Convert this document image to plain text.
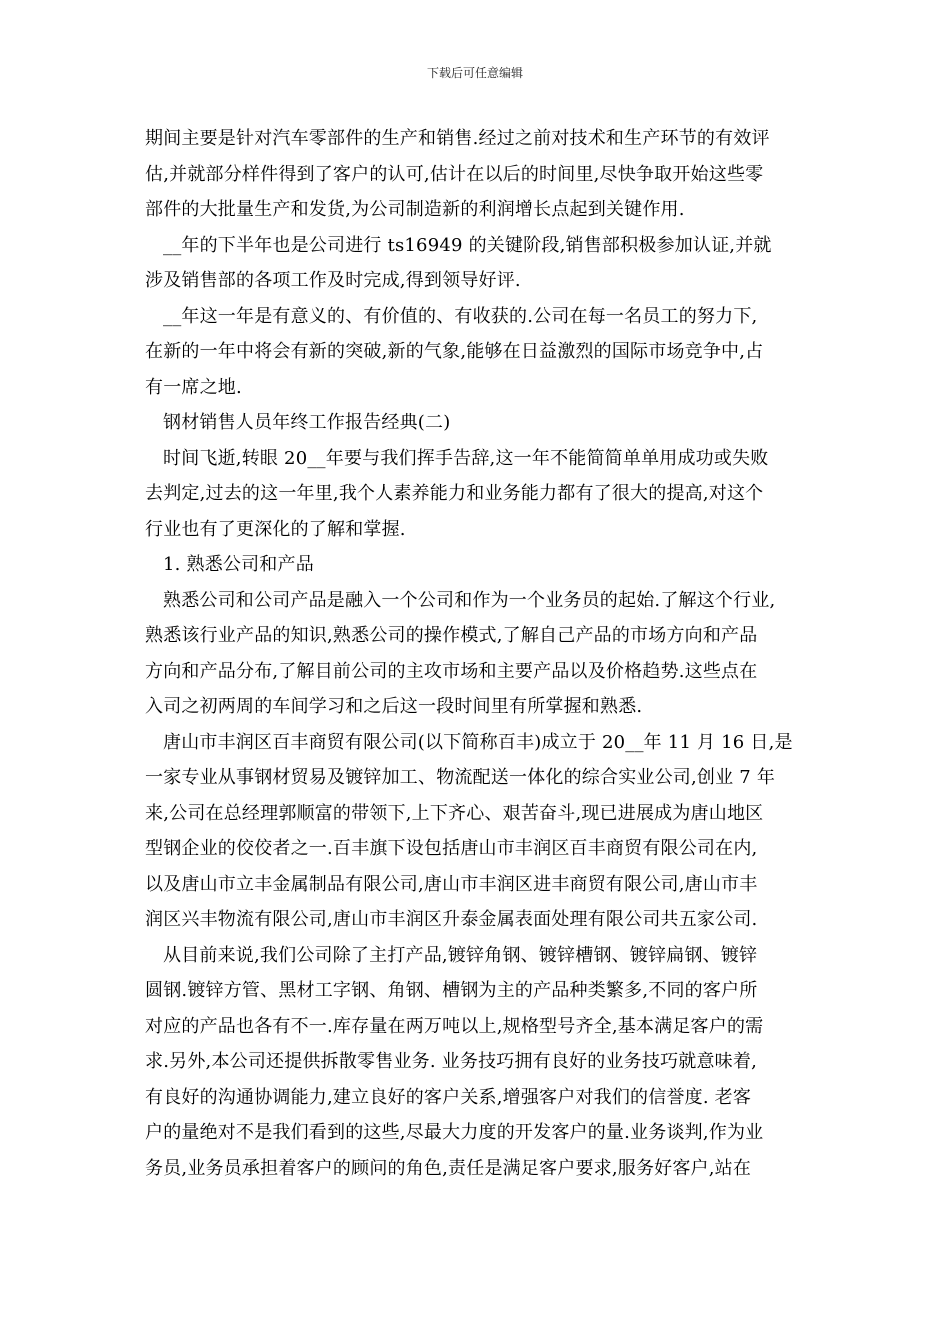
下载后可任意编辑
期间主要是针对汽车零部件的生产和销售.经过之前对技术和生产环节的有效评
估,并就部分样件得到了客户的认可,估计在以后的时间里,尽快争取开始这些零
部件的大批量生产和发货,为公司制造新的利润增长点起到关键作用.
__年的下半年也是公司进行 ts16949 的关键阶段,销售部积极参加认证,并就
涉及销售部的各项工作及时完成,得到领导好评.
__年这一年是有意义的、有价值的、有收获的.公司在每一名员工的努力下,
在新的一年中将会有新的突破,新的气象,能够在日益激烈的国际市场竞争中,占
有一席之地.
钢材销售人员年终工作报告经典(二)
时间飞逝,转眼 20__年要与我们挥手告辞,这一年不能简简单单用成功或失败
去判定,过去的这一年里,我个人素养能力和业务能力都有了很大的提高,对这个
行业也有了更深化的了解和掌握.
1. 熟悉公司和产品
熟悉公司和公司产品是融入一个公司和作为一个业务员的起始.了解这个行业,
熟悉该行业产品的知识,熟悉公司的操作模式,了解自己产品的市场方向和产品
方向和产品分布,了解目前公司的主攻市场和主要产品以及价格趋势.这些点在
入司之初两周的车间学习和之后这一段时间里有所掌握和熟悉.
唐山市丰润区百丰商贸有限公司(以下简称百丰)成立于 20__年 11 月 16 日,是
一家专业从事钢材贸易及镀锌加工、物流配送一体化的综合实业公司,创业 7 年
来,公司在总经理郭顺富的带领下,上下齐心、艰苦奋斗,现已进展成为唐山地区
型钢企业的佼佼者之一.百丰旗下设包括唐山市丰润区百丰商贸有限公司在内,
以及唐山市立丰金属制品有限公司,唐山市丰润区进丰商贸有限公司,唐山市丰
润区兴丰物流有限公司,唐山市丰润区升泰金属表面处理有限公司共五家公司.
从目前来说,我们公司除了主打产品,镀锌角钢、镀锌槽钢、镀锌扁钢、镀锌
圆钢.镀锌方管、黑材工字钢、角钢、槽钢为主的产品种类繁多,不同的客户所
对应的产品也各有不一.库存量在两万吨以上,规格型号齐全,基本满足客户的需
求.另外,本公司还提供拆散零售业务. 业务技巧拥有良好的业务技巧就意味着,
有良好的沟通协调能力,建立良好的客户关系,增强客户对我们的信誉度. 老客
户的量绝对不是我们看到的这些,尽最大力度的开发客户的量.业务谈判,作为业
务员,业务员承担着客户的顾问的角色,责任是满足客户要求,服务好客户,站在
